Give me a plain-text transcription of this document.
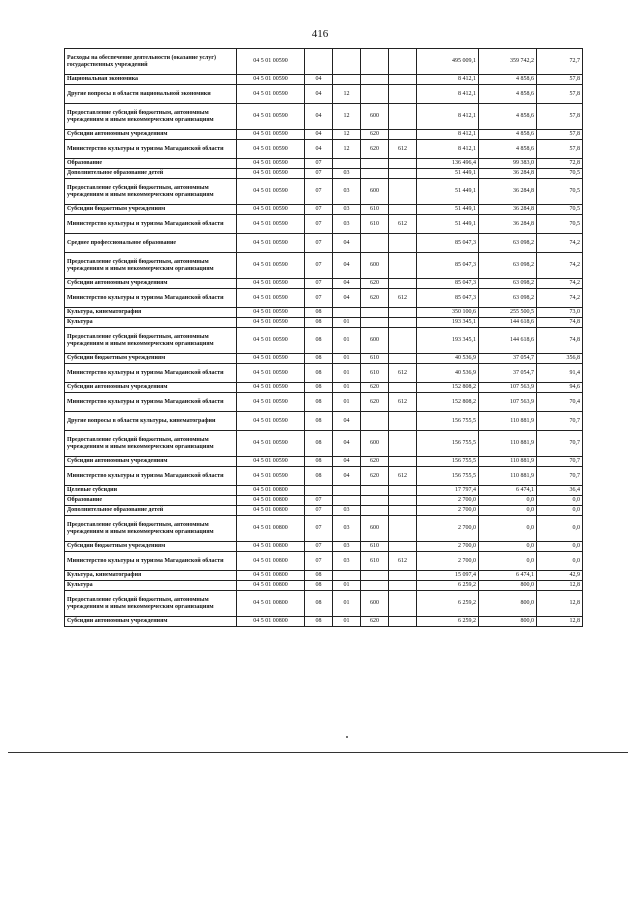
416
Расходы на обеспечение деятельности (оказание услуг) государственных учреждений	04 5 01 00590					495 009,1	359 742,2	72,7
Национальная экономика	04 5 01 00590	04				8 412,1	4 858,6	57,8
Другие вопросы в области национальной экономики	04 5 01 00590	04	12			8 412,1	4 858,6	57,8
Предоставление субсидий бюджетным, автономным учреждениям и иным некоммерческим организациям	04 5 01 00590	04	12	600		8 412,1	4 858,6	57,8
Субсидии автономным учреждениям	04 5 01 00590	04	12	620		8 412,1	4 858,6	57,8
Министерство культуры и туризма Магаданской области	04 5 01 00590	04	12	620	612	8 412,1	4 858,6	57,8
Образование	04 5 01 00590	07				136 496,4	99 383,0	72,8
Дополнительное образование детей	04 5 01 00590	07	03			51 449,1	36 284,8	70,5
Предоставление субсидий бюджетным, автономным учреждениям и иным некоммерческим организациям	04 5 01 00590	07	03	600		51 449,1	36 284,8	70,5
Субсидии бюджетным учреждениям	04 5 01 00590	07	03	610		51 449,1	36 284,8	70,5
Министерство культуры и туризма Магаданской области	04 5 01 00590	07	03	610	612	51 449,1	36 284,8	70,5
Среднее профессиональное образование	04 5 01 00590	07	04			85 047,3	63 098,2	74,2
Предоставление субсидий бюджетным, автономным учреждениям и иным некоммерческим организациям	04 5 01 00590	07	04	600		85 047,3	63 098,2	74,2
Субсидии автономным учреждениям	04 5 01 00590	07	04	620		85 047,3	63 098,2	74,2
Министерство культуры и туризма Магаданской области	04 5 01 00590	07	04	620	612	85 047,3	63 098,2	74,2
Культура, кинематография	04 5 01 00590	08				350 100,6	255 500,5	73,0
Культура	04 5 01 00590	08	01			193 345,1	144 618,6	74,8
Предоставление субсидий бюджетным, автономным учреждениям и иным некоммерческим организациям	04 5 01 00590	08	01	600		193 345,1	144 618,6	74,8
Субсидии бюджетным учреждениям	04 5 01 00590	08	01	610		40 536,9	37 054,7	356,8
Министерство культуры и туризма Магаданской области	04 5 01 00590	08	01	610	612	40 536,9	37 054,7	91,4
Субсидии автономным учреждениям	04 5 01 00590	08	01	620		152 808,2	107 563,9	94,6
Министерство культуры и туризма Магаданской области	04 5 01 00590	08	01	620	612	152 808,2	107 563,9	70,4
Другие вопросы в области культуры, кинематографии	04 5 01 00590	08	04			156 755,5	110 881,9	70,7
Предоставление субсидий бюджетным, автономным учреждениям и иным некоммерческим организациям	04 5 01 00590	08	04	600		156 755,5	110 881,9	70,7
Субсидии автономным учреждениям	04 5 01 00590	08	04	620		156 755,5	110 881,9	70,7
Министерство культуры и туризма Магаданской области	04 5 01 00590	08	04	620	612	156 755,5	110 881,9	70,7
Целевые субсидии	04 5 01 00800					17 797,4	6 474,1	36,4
Образование	04 5 01 00800	07				2 700,0	0,0	0,0
Дополнительное образование детей	04 5 01 00800	07	03			2 700,0	0,0	0,0
Предоставление субсидий бюджетным, автономным учреждениям и иным некоммерческим организациям	04 5 01 00800	07	03	600		2 700,0	0,0	0,0
Субсидии бюджетным учреждениям	04 5 01 00800	07	03	610		2 700,0	0,0	0,0
Министерство культуры и туризма Магаданской области	04 5 01 00800	07	03	610	612	2 700,0	0,0	0,0
Культура, кинематография	04 5 01 00800	08				15 097,4	6 474,1	42,9
Культура	04 5 01 00800	08	01			6 259,2	800,0	12,8
Предоставление субсидий бюджетным, автономным учреждениям и иным некоммерческим организациям	04 5 01 00800	08	01	600		6 259,2	800,0	12,8
Субсидии автономным учреждениям	04 5 01 00800	08	01	620		6 259,2	800,0	12,8
